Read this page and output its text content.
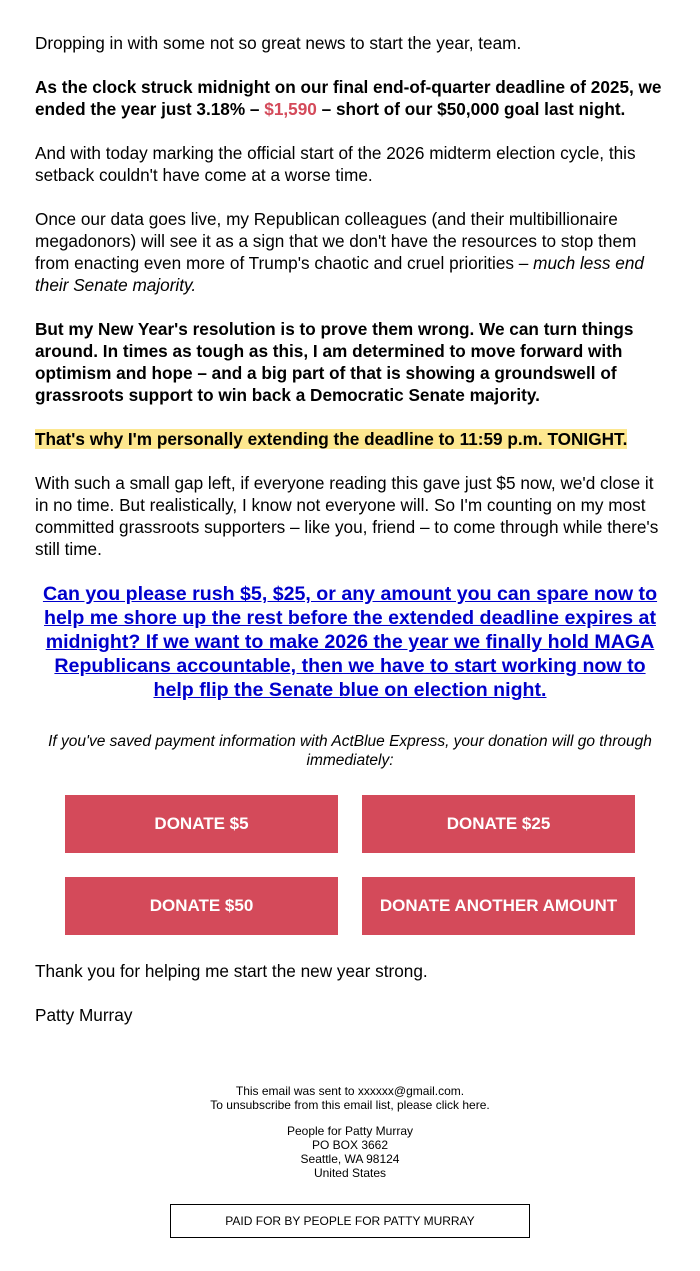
Dropping in with some not so great news to start the year, team.

As the clock struck midnight on our final end-of-quarter deadline of 2025, we ended the year just 3.18% – $1,590 – short of our $50,000 goal last night.

And with today marking the official start of the 2026 midterm election cycle, this setback couldn't have come at a worse time.

Once our data goes live, my Republican colleagues (and their multibillionaire megadonors) will see it as a sign that we don't have the resources to stop them from enacting even more of Trump's chaotic and cruel priorities – much less end their Senate majority.

But my New Year's resolution is to prove them wrong. We can turn things around. In times as tough as this, I am determined to move forward with optimism and hope – and a big part of that is showing a groundswell of grassroots support to win back a Democratic Senate majority.

That's why I'm personally extending the deadline to 11:59 p.m. TONIGHT.

With such a small gap left, if everyone reading this gave just $5 now, we'd close it in no time. But realistically, I know not everyone will. So I'm counting on my most committed grassroots supporters – like you, friend – to come through while there's still time.

Can you please rush $5, $25, or any amount you can spare now to help me shore up the rest before the extended deadline expires at midnight? If we want to make 2026 the year we finally hold MAGA Republicans accountable, then we have to start working now to help flip the Senate blue on election night.
If you've saved payment information with ActBlue Express, your donation will go through immediately:
DONATE $5	DONATE $25
DONATE $50	DONATE ANOTHER AMOUNT

Thank you for helping me start the new year strong.

Patty Murray

This email was sent to xxxxxx@gmail.com.
To unsubscribe from this email list, please click here.
People for Patty Murray
PO BOX 3662
Seattle, WA 98124
United States
PAID FOR BY PEOPLE FOR PATTY MURRAY
